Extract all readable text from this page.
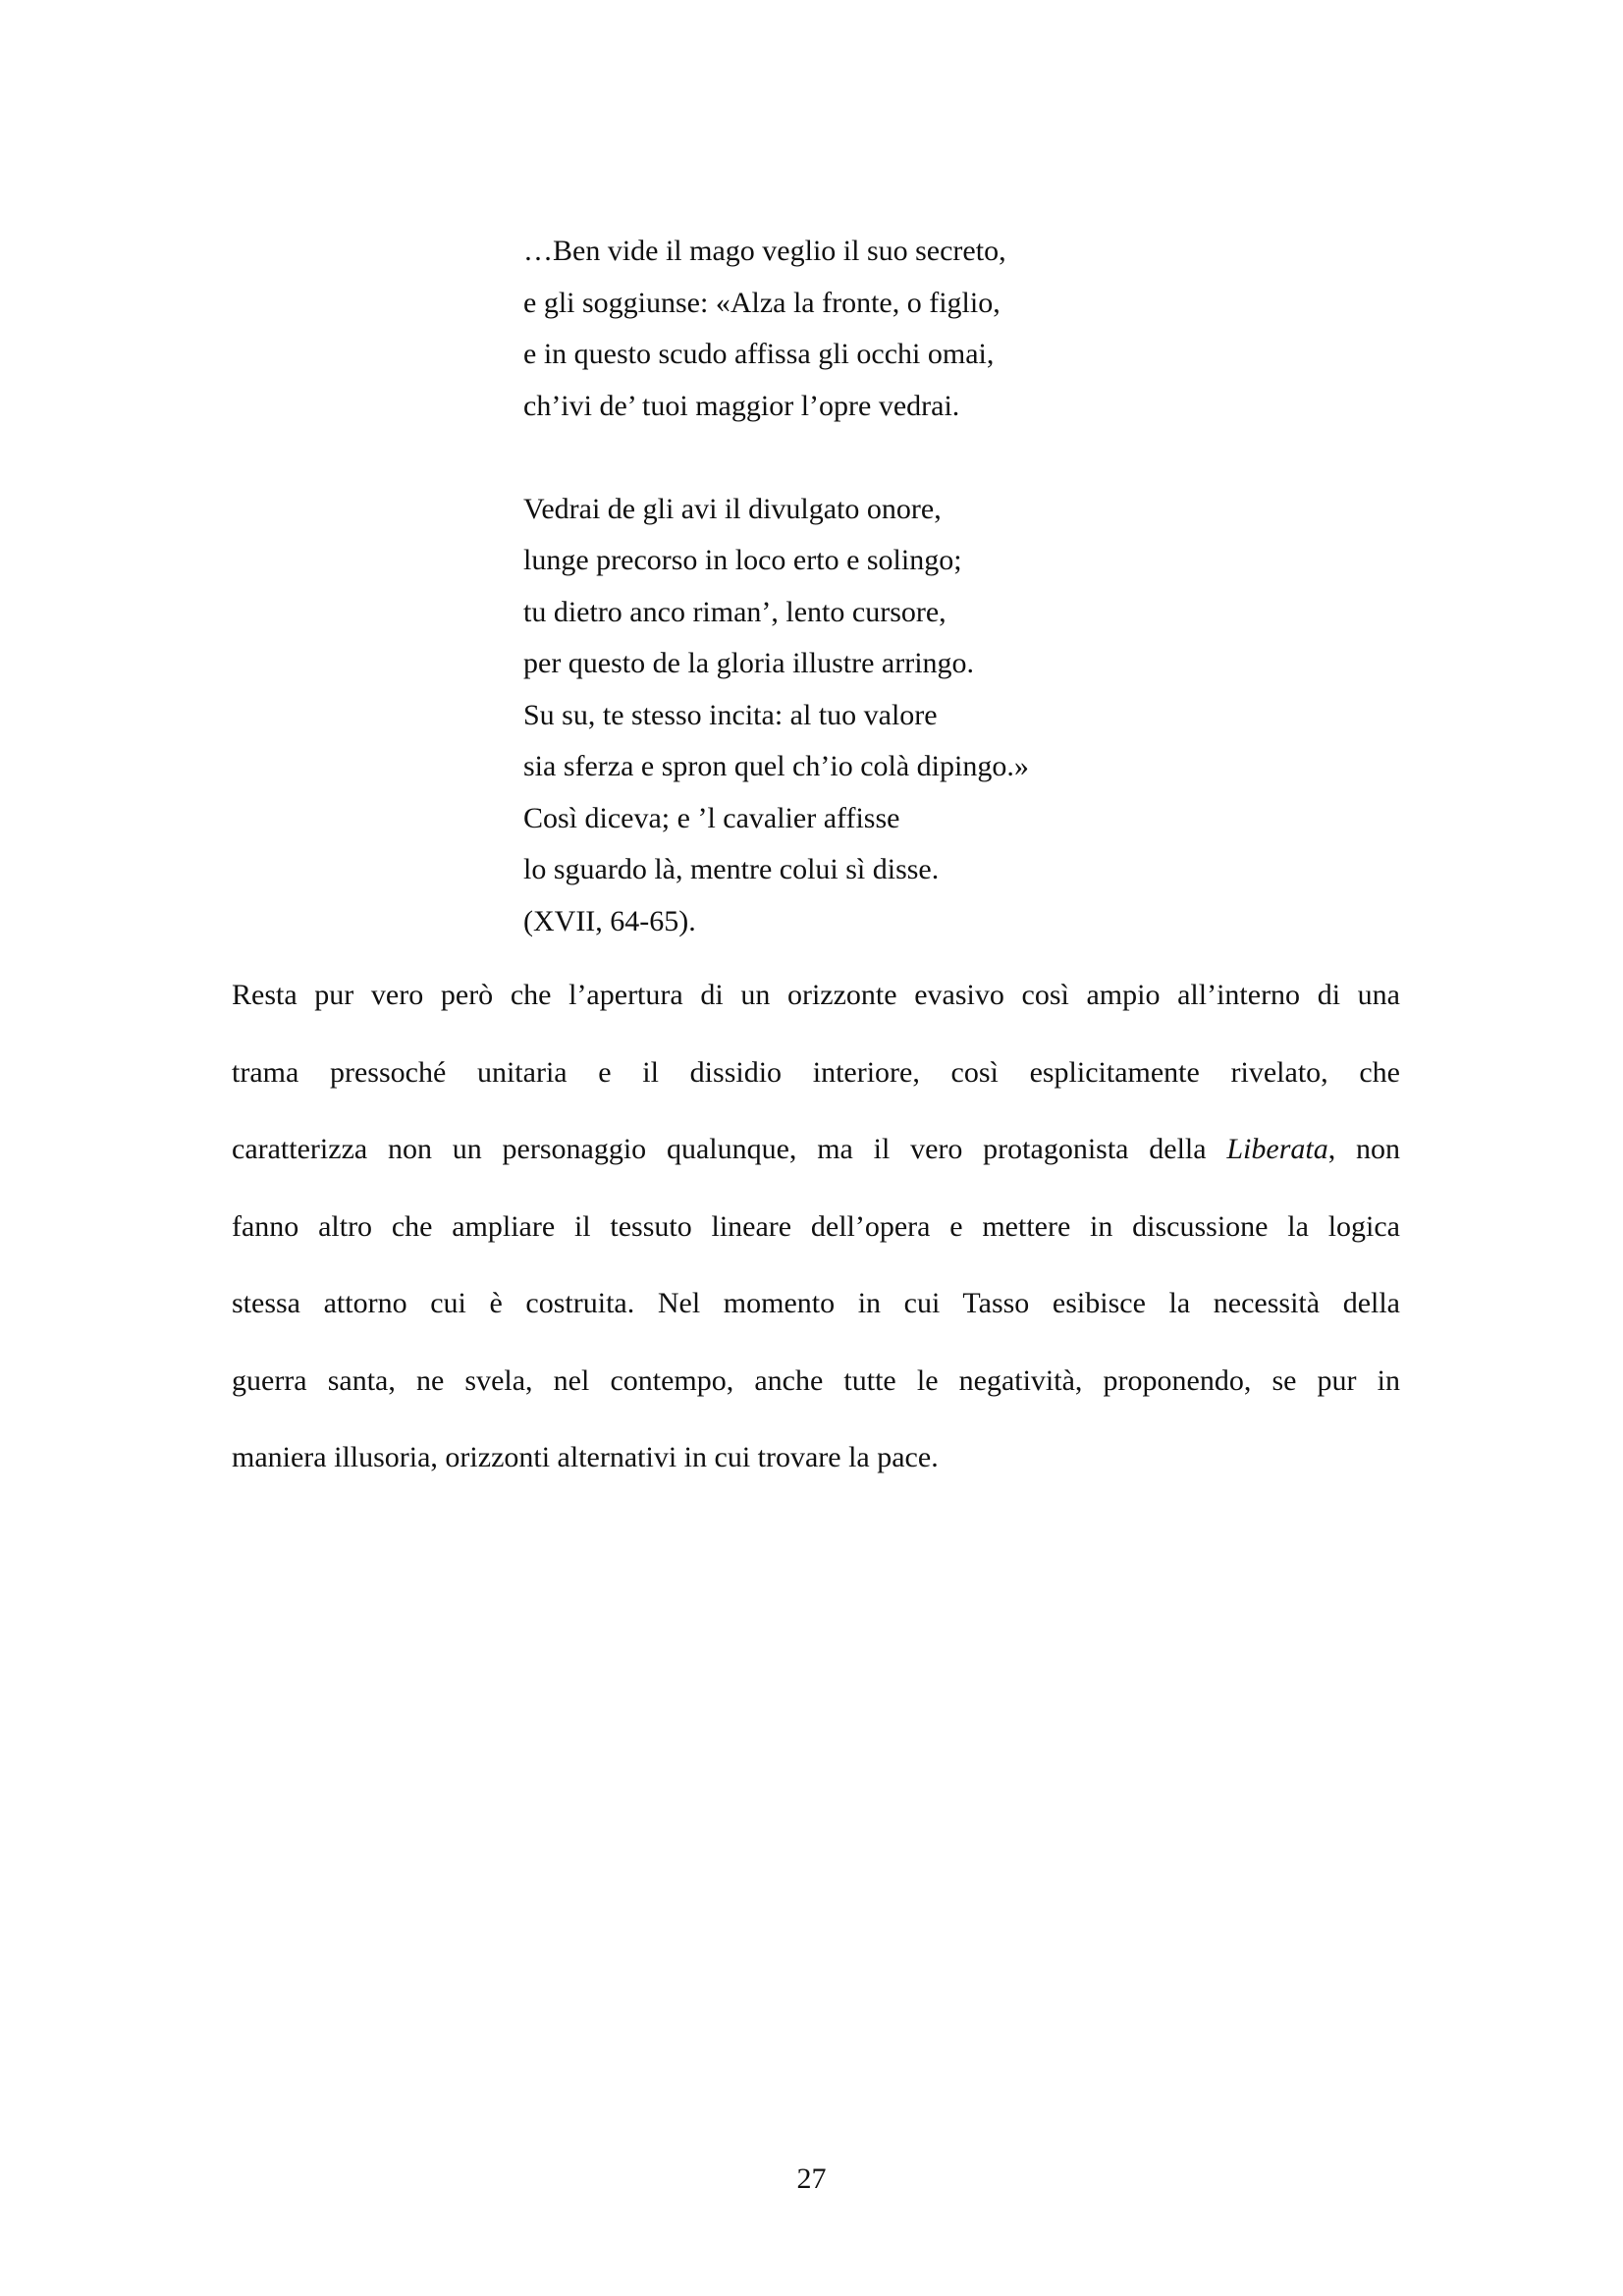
…Ben vide il mago veglio il suo secreto,
e gli soggiunse: «Alza la fronte, o figlio,
e in questo scudo affissa gli occhi omai,
ch’ivi de’ tuoi maggior l’opre vedrai.
Vedrai de gli avi il divulgato onore,
lunge precorso in loco erto e solingo;
tu dietro anco riman’, lento cursore,
per questo de la gloria illustre arringo.
Su su, te stesso incita: al tuo valore
sia sferza e spron quel ch’io colà dipingo.»
Così diceva; e ’l cavalier affisse
lo sguardo là, mentre colui sì disse.
(XVII, 64-65).
Resta pur vero però che l’apertura di un orizzonte evasivo così ampio all’interno di una
trama pressoché unitaria e il dissidio interiore, così esplicitamente rivelato, che
caratterizza non un personaggio qualunque, ma il vero protagonista della Liberata, non
fanno altro che ampliare il tessuto lineare dell’opera e mettere in discussione la logica
stessa attorno cui è costruita. Nel momento in cui Tasso esibisce la necessità della
guerra santa, ne svela, nel contempo, anche tutte le negatività, proponendo, se pur in
maniera illusoria, orizzonti alternativi in cui trovare la pace.
27
